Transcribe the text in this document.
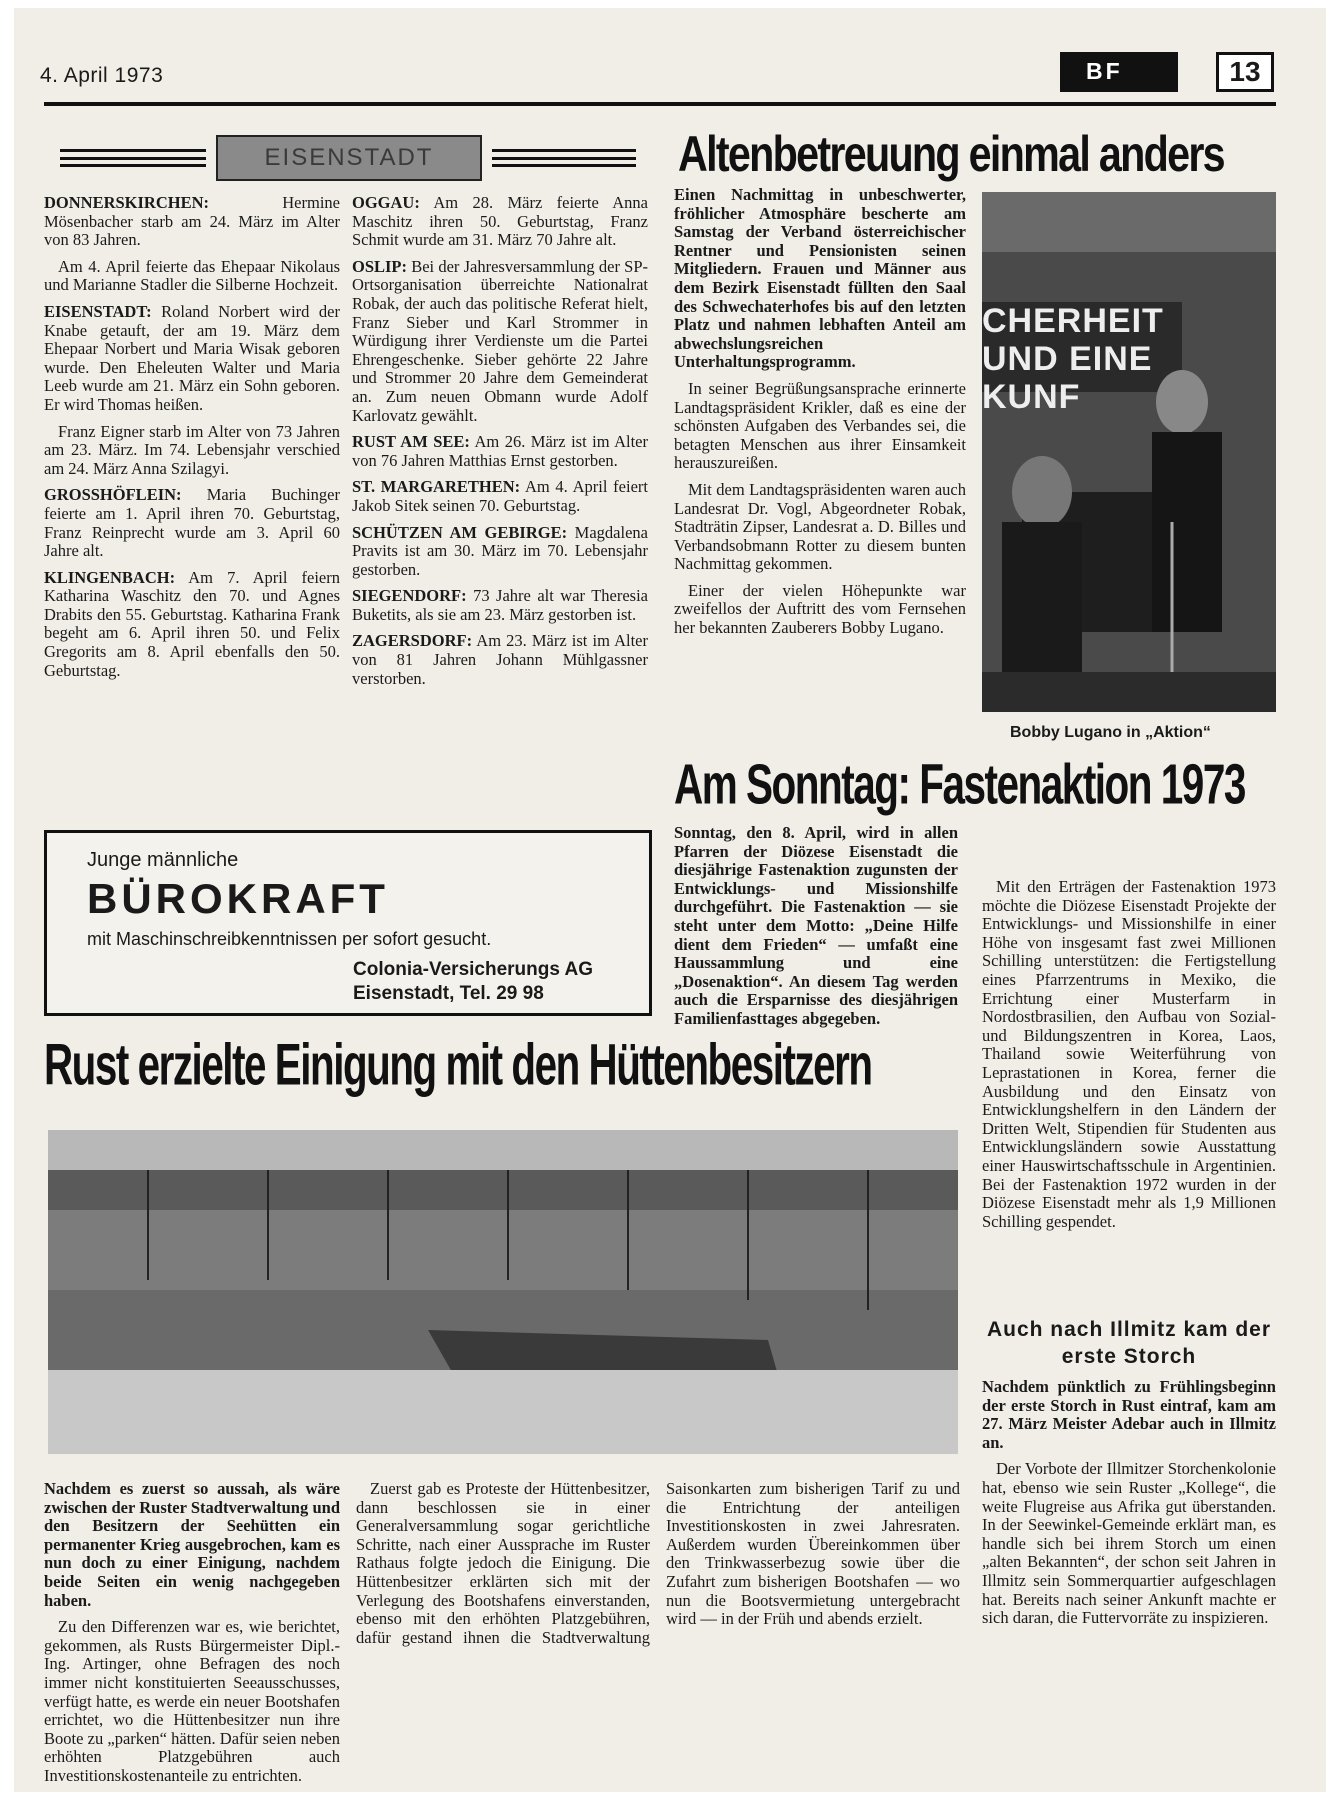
4. April 1973	BF	13
EISENSTADT

DONNERSKIRCHEN: Hermine Mösenbacher starb am 24. März im Alter von 83 Jahren.

Am 4. April feierte das Ehepaar Nikolaus und Marianne Stadler die Silberne Hochzeit.

EISENSTADT: Roland Norbert wird der Knabe getauft, der am 19. März dem Ehepaar Norbert und Maria Wisak geboren wurde. Den Eheleuten Walter und Maria Leeb wurde am 21. März ein Sohn geboren. Er wird Thomas heißen.

Franz Eigner starb im Alter von 73 Jahren am 23. März. Im 74. Lebensjahr verschied am 24. März Anna Szilagyi.

GROSSHÖFLEIN: Maria Buchinger feierte am 1. April ihren 70. Geburtstag, Franz Reinprecht wurde am 3. April 60 Jahre alt.

KLINGENBACH: Am 7. April feiern Katharina Waschitz den 70. und Agnes Drabits den 55. Geburtstag. Katharina Frank begeht am 6. April ihren 50. und Felix Gregorits am 8. April ebenfalls den 50. Geburtstag.

OGGAU: Am 28. März feierte Anna Maschitz ihren 50. Geburtstag, Franz Schmit wurde am 31. März 70 Jahre alt.

OSLIP: Bei der Jahresversammlung der SP-Ortsorganisation überreichte Nationalrat Robak, der auch das politische Referat hielt, Franz Sieber und Karl Strommer in Würdigung ihrer Verdienste um die Partei Ehrengeschenke. Sieber gehörte 22 Jahre und Strommer 20 Jahre dem Gemeinderat an. Zum neuen Obmann wurde Adolf Karlovatz gewählt.

RUST AM SEE: Am 26. März ist im Alter von 76 Jahren Matthias Ernst gestorben.

ST. MARGARETHEN: Am 4. April feiert Jakob Sitek seinen 70. Geburtstag.

SCHÜTZEN AM GEBIRGE: Magdalena Pravits ist am 30. März im 70. Lebensjahr gestorben.

SIEGENDORF: 73 Jahre alt war Theresia Buketits, als sie am 23. März gestorben ist.

ZAGERSDORF: Am 23. März ist im Alter von 81 Jahren Johann Mühlgassner verstorben.

Altenbetreuung einmal anders

Einen Nachmittag in unbeschwerter, fröhlicher Atmosphäre bescherte am Samstag der Verband österreichischer Rentner und Pensionisten seinen Mitgliedern. Frauen und Männer aus dem Bezirk Eisenstadt füllten den Saal des Schwechaterhofes bis auf den letzten Platz und nahmen lebhaften Anteil am abwechslungsreichen Unterhaltungsprogramm.

In seiner Begrüßungsansprache erinnerte Landtagspräsident Krikler, daß es eine der schönsten Aufgaben des Verbandes sei, die betagten Menschen aus ihrer Einsamkeit herauszureißen.

Mit dem Landtagspräsidenten waren auch Landesrat Dr. Vogl, Abgeordneter Robak, Stadträtin Zipser, Landesrat a. D. Billes und Verbandsobmann Rotter zu diesem bunten Nachmittag gekommen.

Einer der vielen Höhepunkte war zweifellos der Auftritt des vom Fernsehen her bekannten Zauberers Bobby Lugano.

CHERHEIT UND EINE KUNF
Bobby Lugano in „Aktion“
Am Sonntag: Fastenaktion 1973

Sonntag, den 8. April, wird in allen Pfarren der Diözese Eisenstadt die diesjährige Fastenaktion zugunsten der Entwicklungs- und Missionshilfe durchgeführt. Die Fastenaktion — sie steht unter dem Motto: „Deine Hilfe dient dem Frieden“ — umfaßt eine Haussammlung und eine „Dosenaktion“. An diesem Tag werden auch die Ersparnisse des diesjährigen Familienfasttages abgegeben.

Mit den Erträgen der Fastenaktion 1973 möchte die Diözese Eisenstadt Projekte der Entwicklungs- und Missionshilfe in einer Höhe von insgesamt fast zwei Millionen Schilling unterstützen: die Fertigstellung eines Pfarrzentrums in Mexiko, die Errichtung einer Musterfarm in Nordostbrasilien, den Aufbau von Sozial- und Bildungszentren in Korea, Laos, Thailand sowie Weiterführung von Leprastationen in Korea, ferner die Ausbildung und den Einsatz von Entwicklungshelfern in den Ländern der Dritten Welt, Stipendien für Studenten aus Entwicklungsländern sowie Ausstattung einer Hauswirtschaftsschule in Argentinien. Bei der Fastenaktion 1972 wurden in der Diözese Eisenstadt mehr als 1,9 Millionen Schilling gespendet.

Junge männliche
BÜROKRAFT
mit Maschinschreibkenntnissen per sofort gesucht.
Colonia-Versicherungs AG
Eisenstadt, Tel. 29 98
Rust erzielte Einigung mit den Hüttenbesitzern

Nachdem es zuerst so aussah, als wäre zwischen der Ruster Stadtverwaltung und den Besitzern der Seehütten ein permanenter Krieg ausgebrochen, kam es nun doch zu einer Einigung, nachdem beide Seiten ein wenig nachgegeben haben.

Zu den Differenzen war es, wie berichtet, gekommen, als Rusts Bürgermeister Dipl.-Ing. Artinger, ohne Befragen des noch immer nicht konstituierten Seeausschusses, verfügt hatte, es werde ein neuer Bootshafen errichtet, wo die Hüttenbesitzer nun ihre Boote zu „parken“ hätten. Dafür seien neben erhöhten Platzgebühren auch Investitionskostenanteile zu entrichten.

Zuerst gab es Proteste der Hüttenbesitzer, dann beschlossen sie in einer Generalversammlung sogar gerichtliche Schritte, nach einer Aussprache im Ruster Rathaus folgte jedoch die Einigung. Die Hüttenbesitzer erklärten sich mit der Verlegung des Bootshafens einverstanden, ebenso mit den erhöhten Platzgebühren, dafür gestand ihnen die Stadtverwaltung Saisonkarten zum bisherigen Tarif zu und die Entrichtung der anteiligen Investitionskosten in zwei Jahresraten. Außerdem wurden Übereinkommen über den Trinkwasserbezug sowie über die Zufahrt zum bisherigen Bootshafen — wo nun die Bootsvermietung untergebracht wird — in der Früh und abends erzielt.

Auch nach Illmitz kam der erste Storch

Nachdem pünktlich zu Frühlingsbeginn der erste Storch in Rust eintraf, kam am 27. März Meister Adebar auch in Illmitz an.

Der Vorbote der Illmitzer Storchenkolonie hat, ebenso wie sein Ruster „Kollege“, die weite Flugreise aus Afrika gut überstanden. In der Seewinkel-Gemeinde erklärt man, es handle sich bei ihrem Storch um einen „alten Bekannten“, der schon seit Jahren in Illmitz sein Sommerquartier aufgeschlagen hat. Bereits nach seiner Ankunft machte er sich daran, die Futtervorräte zu inspizieren.
